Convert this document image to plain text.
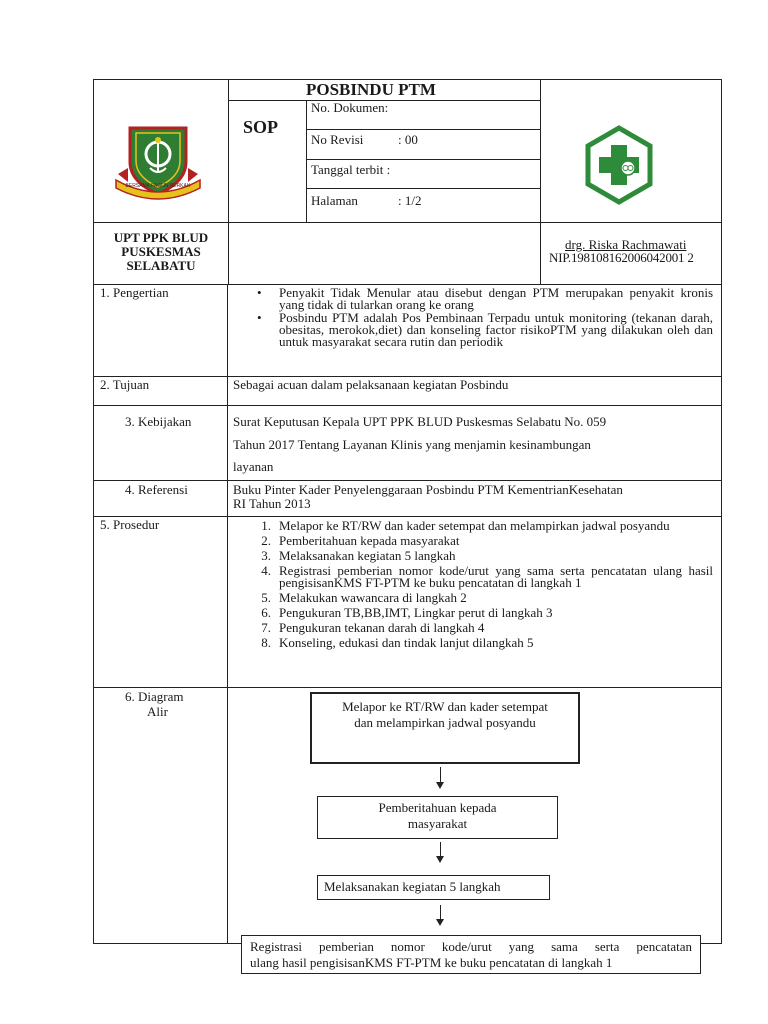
POSBINDU PTM
SOP
No. Dokumen:
No Revisi	: 00
Tanggal terbit :
Halaman	: 1/2
BERSAMA PAGUN BERKAH
UPT PPK BLUD
PUSKESMAS
SELABATU
drg. Riska Rachmawati
NIP.198108162006042001 2
1. Pengertian
•	Penyakit Tidak Menular atau disebut dengan PTM merupakan penyakit kronis yang tidak di tularkan orang ke orang
• Posbindu PTM adalah Pos Pembinaan Terpadu untuk monitoring (tekanan darah, obesitas, merokok,diet) dan konseling factor risikoPTM yang dilakukan oleh dan untuk masyarakat secara rutin dan periodik
2. Tujuan	Sebagai acuan dalam pelaksanaan kegiatan Posbindu
3. Kebijakan	Surat Keputusan Kepala UPT PPK BLUD Puskesmas Selabatu No. 059
Tahun 2017 Tentang Layanan Klinis yang menjamin kesinambungan
layanan
4. Referensi	Buku Pinter Kader Penyelenggaraan Posbindu PTM KementrianKesehatan
RI Tahun 2013
5. Prosedur	1. Melapor ke RT/RW dan kader setempat dan melampirkan jadwal posyandu
2. Pemberitahuan kepada masyarakat
3. Melaksanakan kegiatan 5 langkah
4. Registrasi pemberian nomor kode/urut yang sama serta pencatatan ulang hasil pengisisanKMS FT-PTM ke buku pencatatan di langkah 1
5. Melakukan wawancara di langkah 2
6. Pengukuran TB,BB,IMT, Lingkar perut di langkah 3
7. Pengukuran tekanan darah di langkah 4
8. Konseling, edukasi dan tindak lanjut dilangkah 5
6. Diagram
Alir	Melapor ke RT/RW dan kader setempat
dan melampirkan jadwal posyandu
Pemberitahuan kepada
masyarakat
Melaksanakan kegiatan 5 langkah
Registrasi pemberian nomor kode/urut yang sama serta pencatatan
ulang hasil pengisisanKMS FT-PTM ke buku pencatatan di langkah 1
